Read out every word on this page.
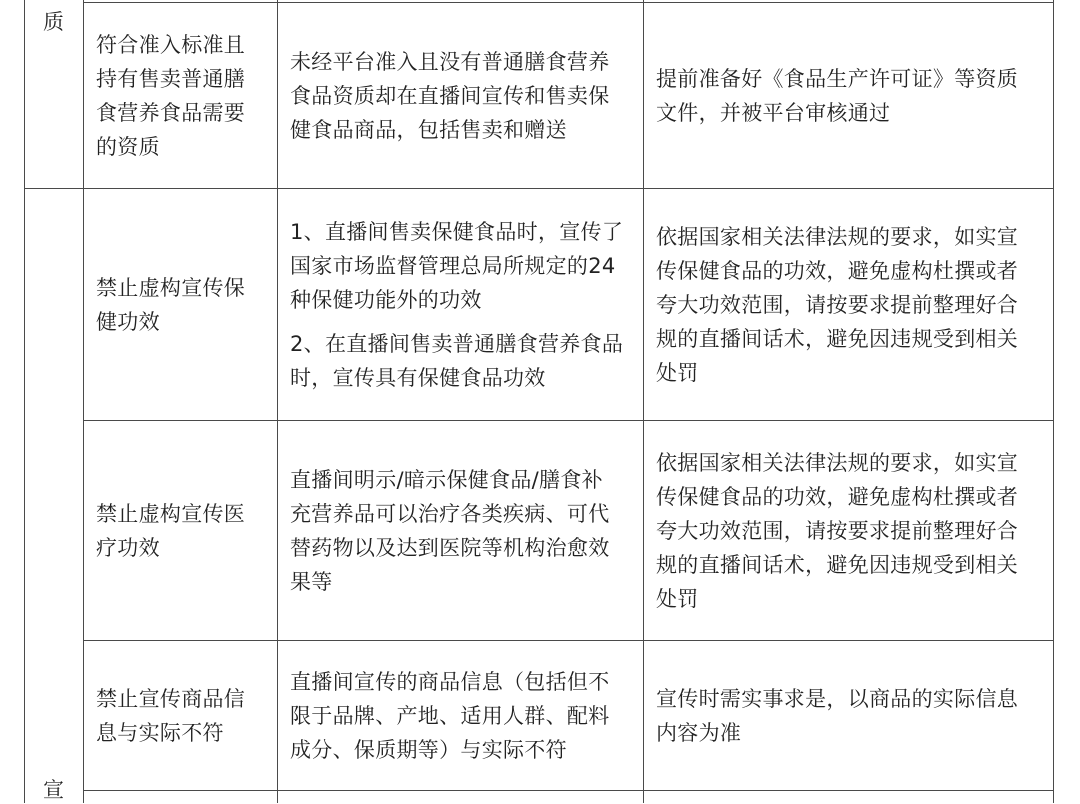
质
宣
符合准入标准且
持有售卖普通膳
食营养食品需要
的资质
未经平台准入且没有普通膳食营养
食品资质却在直播间宣传和售卖保
健食品商品，包括售卖和赠送
提前准备好《食品生产许可证》等资质
文件，并被平台审核通过
禁止虚构宣传保
健功效
1、直播间售卖保健食品时，宣传了
国家市场监督管理总局所规定的24
种保健功能外的功效
2、在直播间售卖普通膳食营养食品
时，宣传具有保健食品功效
依据国家相关法律法规的要求，如实宣
传保健食品的功效，避免虚构杜撰或者
夸大功效范围，请按要求提前整理好合
规的直播间话术，避免因违规受到相关
处罚
禁止虚构宣传医
疗功效
直播间明示/暗示保健食品/膳食补
充营养品可以治疗各类疾病、可代
替药物以及达到医院等机构治愈效
果等
依据国家相关法律法规的要求，如实宣
传保健食品的功效，避免虚构杜撰或者
夸大功效范围，请按要求提前整理好合
规的直播间话术，避免因违规受到相关
处罚
禁止宣传商品信
息与实际不符
直播间宣传的商品信息（包括但不
限于品牌、产地、适用人群、配料
成分、保质期等）与实际不符
宣传时需实事求是，以商品的实际信息
内容为准
